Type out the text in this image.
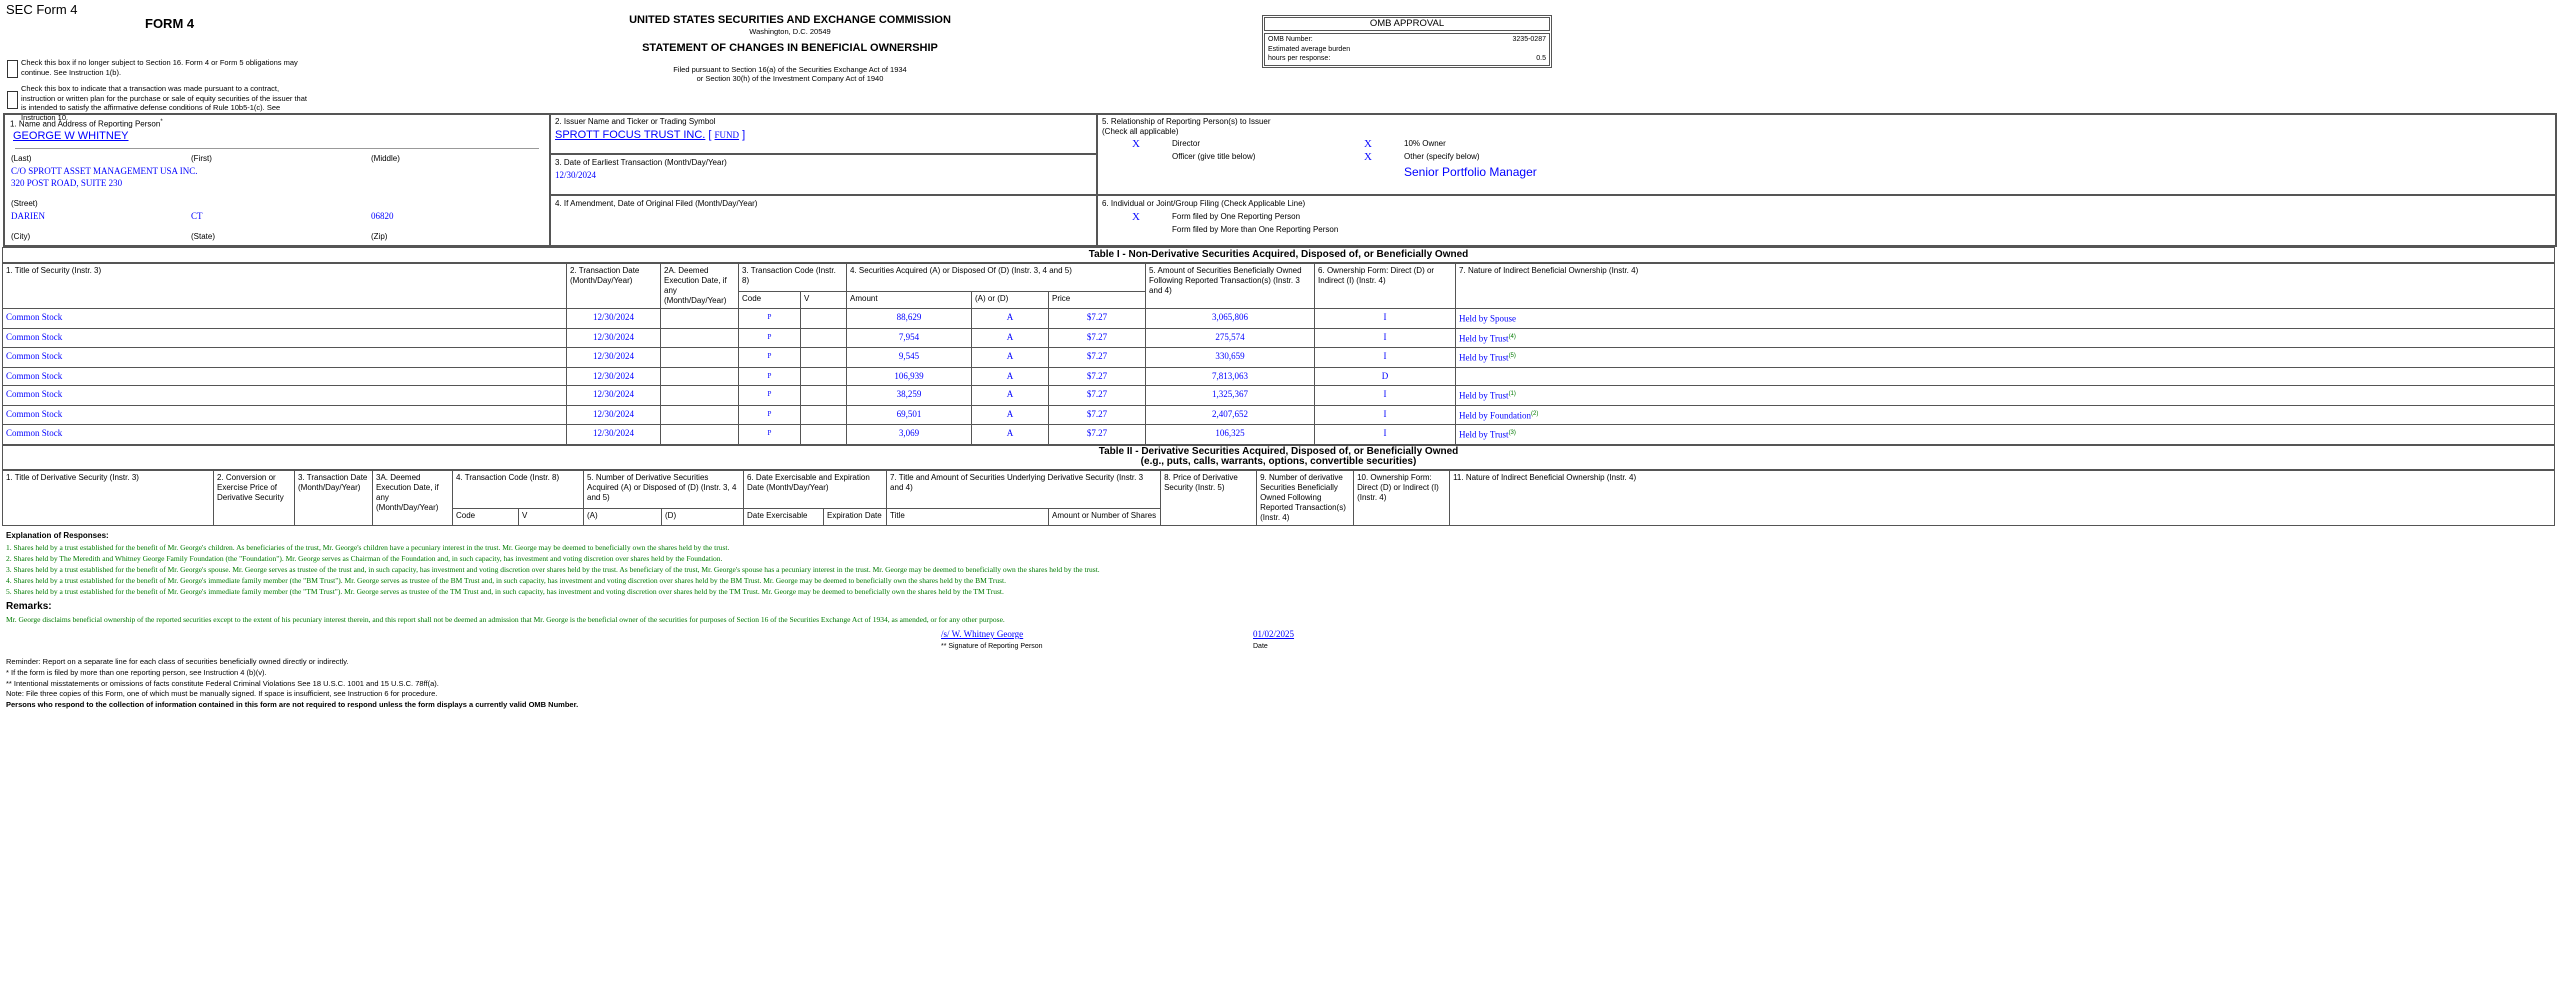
SEC Form 4
FORM 4	UNITED STATES SECURITIES AND EXCHANGE COMMISSION
Washington, D.C. 20549
STATEMENT OF CHANGES IN BENEFICIAL OWNERSHIP
Filed pursuant to Section 16(a) of the Securities Exchange Act of 1934
or Section 30(h) of the Investment Company Act of 1940
OMB APPROVAL
OMB Number:	3235-0287
Estimated average burden
hours per response:	0.5
Check this box if no longer subject to Section 16. Form 4 or Form 5 obligations may continue. See Instruction 1(b).
Check this box to indicate that a transaction was made pursuant to a contract, instruction or written plan for the purchase or sale of equity securities of the issuer that is intended to satisfy the affirmative defense conditions of Rule 10b5-1(c). See Instruction 10.
1. Name and Address of Reporting Person*
GEORGE W WHITNEY
(Last)	(First)	(Middle)
C/O SPROTT ASSET MANAGEMENT USA INC.
320 POST ROAD, SUITE 230
(Street)
DARIEN	CT	06820
(City)	(State)	(Zip)
2. Issuer Name and Ticker or Trading Symbol
SPROTT FOCUS TRUST INC. [ FUND ]
3. Date of Earliest Transaction (Month/Day/Year)
12/30/2024
4. If Amendment, Date of Original Filed (Month/Day/Year)
5. Relationship of Reporting Person(s) to Issuer
(Check all applicable)
X	Director
Officer (give title below)
X	10% Owner
X	Other (specify below)
Senior Portfolio Manager
6. Individual or Joint/Group Filing (Check Applicable Line)
X	Form filed by One Reporting Person
Form filed by More than One Reporting Person
Table I - Non-Derivative Securities Acquired, Disposed of, or Beneficially Owned
1. Title of Security (Instr. 3)	2. Transaction Date (Month/Day/Year)	2A. Deemed Execution Date, if any (Month/Day/Year)	3. Transaction Code (Instr. 8)		4. Securities Acquired (A) or Disposed Of (D) (Instr. 3, 4 and 5)			5. Amount of Securities Beneficially Owned Following Reported Transaction(s) (Instr. 3 and 4)	6. Ownership Form: Direct (D) or Indirect (I) (Instr. 4)	7. Nature of Indirect Beneficial Ownership (Instr. 4)
			Code	V	Amount	(A) or (D)	Price			
Common Stock	12/30/2024		P		88,629	A	$7.27	3,065,806	I	Held by Spouse
Common Stock	12/30/2024		P		7,954	A	$7.27	275,574	I	Held by Trust$^{(4)}$
Common Stock	12/30/2024		P		9,545	A	$7.27	330,659	I	Held by Trust$^{(5)}$
Common Stock	12/30/2024		P		106,939	A	$7.27	7,813,063	D	
Common Stock	12/30/2024		P		38,259	A	$7.27	1,325,367	I	Held by Trust$^{(1)}$
Common Stock	12/30/2024		P		69,501	A	$7.27	2,407,652	I	Held by Foundation$^{(2)}$
Common Stock	12/30/2024		P		3,069	A	$7.27	106,325	I	Held by Trust$^{(3)}$
Table II - Derivative Securities Acquired, Disposed of, or Beneficially Owned
(e.g., puts, calls, warrants, options, convertible securities)
1. Title of Derivative Security (Instr. 3)	2. Conversion or Exercise Price of Derivative Security	3. Transaction Date (Month/Day/Year)	3A. Deemed Execution Date, if any (Month/Day/Year)	4. Transaction Code (Instr. 8)		5. Number of Derivative Securities Acquired (A) or Disposed of (D) (Instr. 3, 4 and 5)		6. Date Exercisable and Expiration Date (Month/Day/Year)		7. Title and Amount of Securities Underlying Derivative Security (Instr. 3 and 4)		8. Price of Derivative Security (Instr. 5)	9. Number of derivative Securities Beneficially Owned Following Reported Transaction(s) (Instr. 4)	10. Ownership Form: Direct (D) or Indirect (I) (Instr. 4)	11. Nature of Indirect Beneficial Ownership (Instr. 4)
				Code	V	(A)	(D)	Date Exercisable	Expiration Date	Title	Amount or Number of Shares				
Explanation of Responses:
1. Shares held by a trust established for the benefit of Mr. George's children. As beneficiaries of the trust, Mr. George's children have a pecuniary interest in the trust. Mr. George may be deemed to beneficially own the shares held by the trust.
2. Shares held by The Meredith and Whitney George Family Foundation (the "Foundation"). Mr. George serves as Chairman of the Foundation and, in such capacity, has investment and voting discretion over shares held by the Foundation.
3. Shares held by a trust established for the benefit of Mr. George's spouse. Mr. George serves as trustee of the trust and, in such capacity, has investment and voting discretion over shares held by the trust. As beneficiary of the trust, Mr. George's spouse has a pecuniary interest in the trust. Mr. George may be deemed to beneficially own the shares held by the trust.
4. Shares held by a trust established for the benefit of Mr. George's immediate family member (the "BM Trust"). Mr. George serves as trustee of the BM Trust and, in such capacity, has investment and voting discretion over shares held by the BM Trust. Mr. George may be deemed to beneficially own the shares held by the BM Trust.
5. Shares held by a trust established for the benefit of Mr. George's immediate family member (the "TM Trust"). Mr. George serves as trustee of the TM Trust and, in such capacity, has investment and voting discretion over shares held by the TM Trust. Mr. George may be deemed to beneficially own the shares held by the TM Trust.
Remarks:
Mr. George disclaims beneficial ownership of the reported securities except to the extent of his pecuniary interest therein, and this report shall not be deemed an admission that Mr. George is the beneficial owner of the securities for purposes of Section 16 of the Securities Exchange Act of 1934, as amended, or for any other purpose.
/s/ W. Whitney George
** Signature of Reporting Person
01/02/2025
Date
Reminder: Report on a separate line for each class of securities beneficially owned directly or indirectly.
* If the form is filed by more than one reporting person, see Instruction 4 (b)(v).
** Intentional misstatements or omissions of facts constitute Federal Criminal Violations See 18 U.S.C. 1001 and 15 U.S.C. 78ff(a).
Note: File three copies of this Form, one of which must be manually signed. If space is insufficient, see Instruction 6 for procedure.
Persons who respond to the collection of information contained in this form are not required to respond unless the form displays a currently valid OMB Number.
